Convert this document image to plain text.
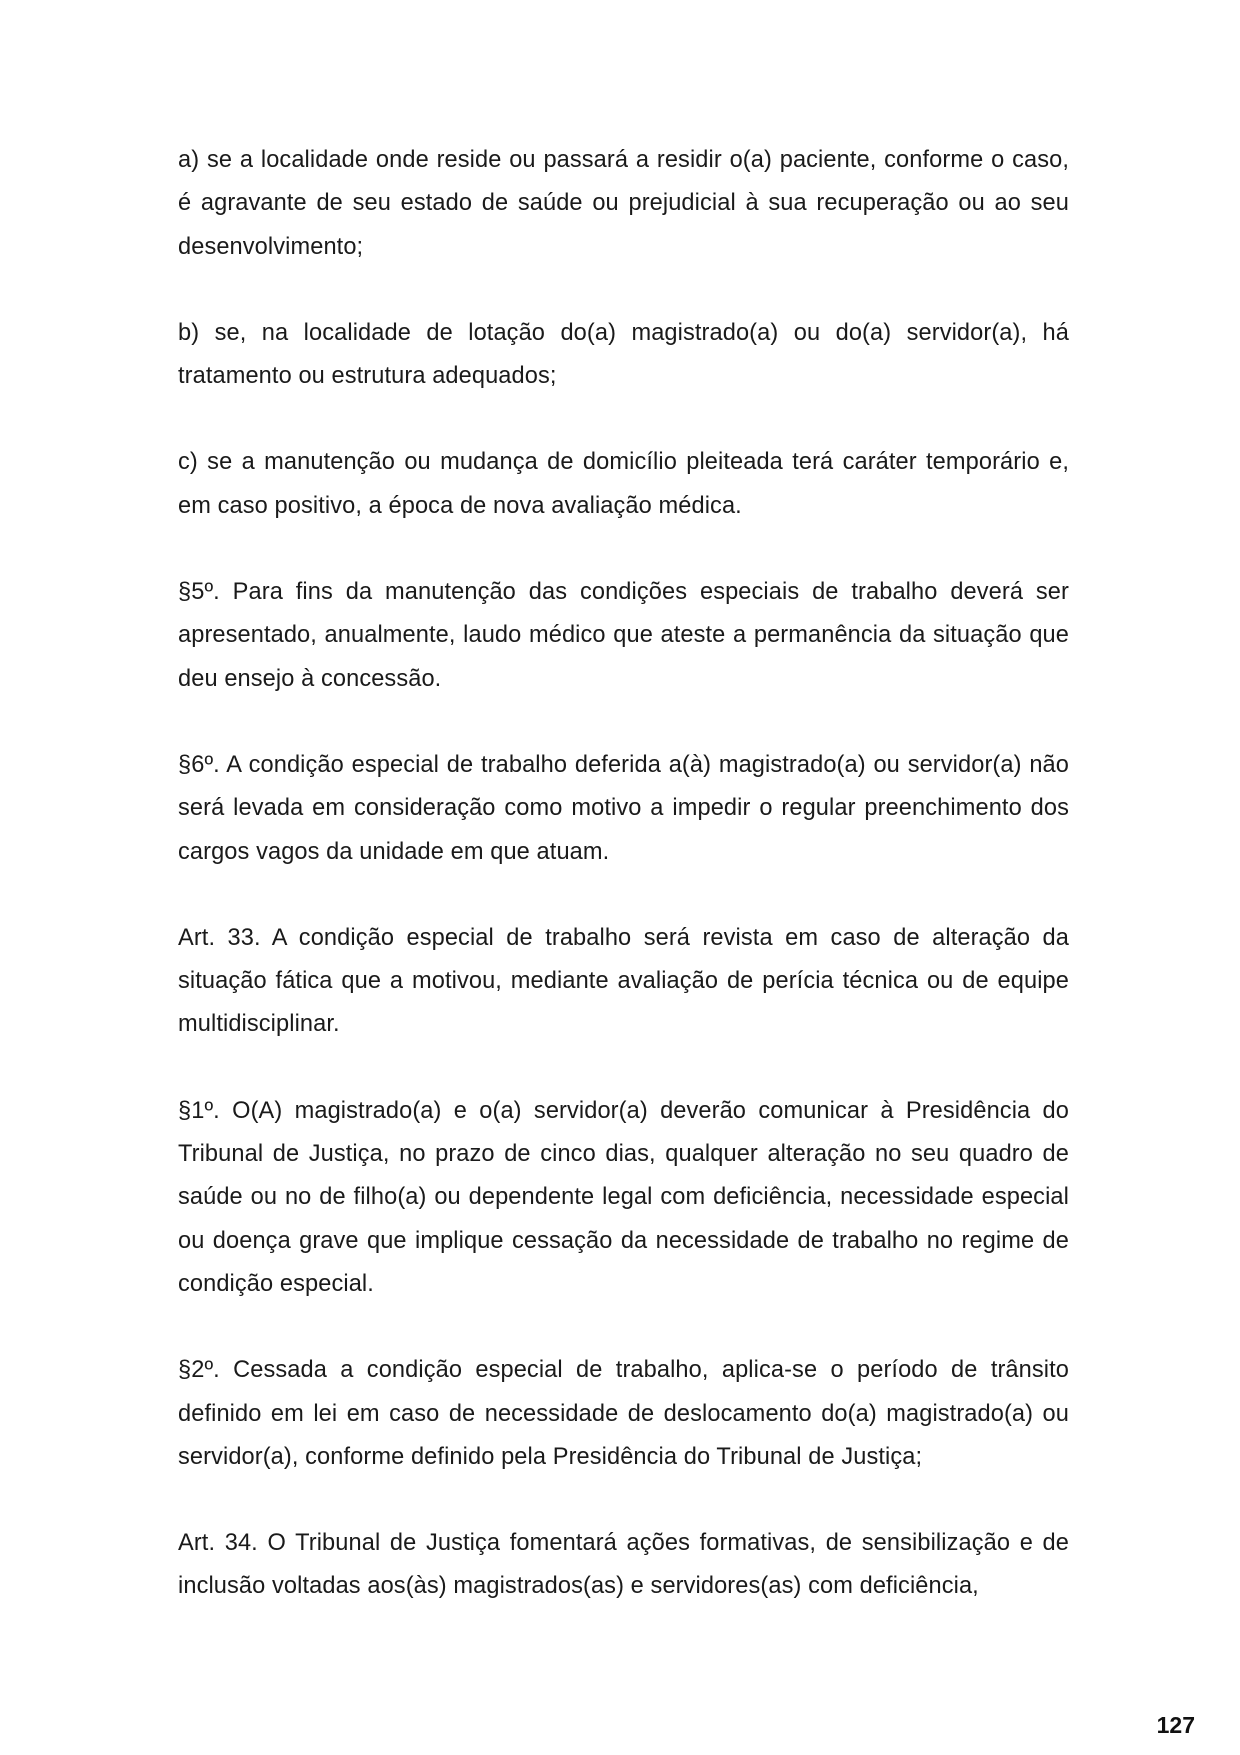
a) se a localidade onde reside ou passará a residir o(a) paciente, conforme o caso, é agravante de seu estado de saúde ou prejudicial à sua recuperação ou ao seu desenvolvimento;

b) se, na localidade de lotação do(a) magistrado(a) ou do(a) servidor(a), há tratamento ou estrutura adequados;

c) se a manutenção ou mudança de domicílio pleiteada terá caráter temporário e, em caso positivo, a época de nova avaliação médica.

§5º. Para fins da manutenção das condições especiais de trabalho deverá ser apresentado, anualmente, laudo médico que ateste a permanência da situação que deu ensejo à concessão.

§6º. A condição especial de trabalho deferida a(à) magistrado(a) ou servidor(a) não será levada em consideração como motivo a impedir o regular preenchimento dos cargos vagos da unidade em que atuam.

Art. 33. A condição especial de trabalho será revista em caso de alteração da situação fática que a motivou, mediante avaliação de perícia técnica ou de equipe multidisciplinar.

§1º. O(A) magistrado(a) e o(a) servidor(a) deverão comunicar à Presidência do Tribunal de Justiça, no prazo de cinco dias, qualquer alteração no seu quadro de saúde ou no de filho(a) ou dependente legal com deficiência, necessidade especial ou doença grave que implique cessação da necessidade de trabalho no regime de condição especial.

§2º. Cessada a condição especial de trabalho, aplica-se o período de trânsito definido em lei em caso de necessidade de deslocamento do(a) magistrado(a) ou servidor(a), conforme definido pela Presidência do Tribunal de Justiça;

Art. 34. O Tribunal de Justiça fomentará ações formativas, de sensibilização e de inclusão voltadas aos(às) magistrados(as) e servidores(as) com deficiência,

127
